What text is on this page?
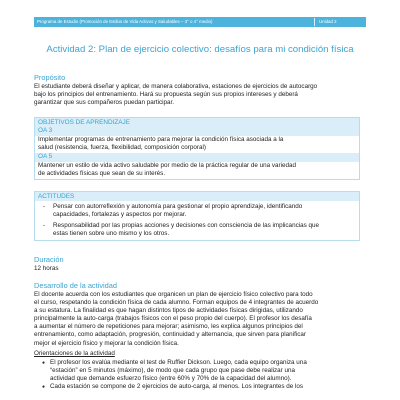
Programa de Estudio (Promoción de Estilos de Vida Activos y Saludables – 3° o 4° medio)	Unidad 2
Actividad 2: Plan de ejercicio colectivo: desafíos para mi condición física
Propósito
El estudiante deberá diseñar y aplicar, de manera colaborativa, estaciones de ejercicios de autocargo
bajo los principios del entrenamiento. Hará su propuesta según sus propios intereses y deberá
garantizar que sus compañeros puedan participar.
OBJETIVOS DE APRENDIZAJE
OA 3
Implementar programas de entrenamiento para mejorar la condición física asociada a la
salud (resistencia, fuerza, flexibilidad, composición corporal)
OA 5
Mantener un estilo de vida activo saludable por medio de la práctica regular de una variedad
de actividades físicas que sean de su interés.
ACTITUDES
- Pensar con autorreflexión y autonomía para gestionar el propio aprendizaje, identificando
capacidades, fortalezas y aspectos por mejorar.
- Responsabilidad por las propias acciones y decisiones con consciencia de las implicancias que
estas tienen sobre uno mismo y los otros.
Duración
12 horas
Desarrollo de la actividad
El docente acuerda con los estudiantes que organicen un plan de ejercicio físico colectivo para todo
el curso, respetando la condición física de cada alumno. Forman equipos de 4 integrantes de acuerdo
a su estatura. La finalidad es que hagan distintos tipos de actividades físicas dirigidas, utilizando
principalmente la auto-carga (trabajos físicos con el peso propio del cuerpo). El profesor los desafía
a aumentar el número de repeticiones para mejorar; asimismo, les explica algunos principios del
entrenamiento, como adaptación, progresión, continuidad y alternancia, que sirven para planificar
mejor el ejercicio físico y mejorar la condición física.
Orientaciones de la actividad
● El profesor los evalúa mediante el test de Ruffier Dickson. Luego, cada equipo organiza una
“estación” en 5 minutos (máximo), de modo que cada grupo que pase debe realizar una
actividad que demande esfuerzo físico (entre 60% y 70% de la capacidad del alumno).
● Cada estación se compone de 2 ejercicios de auto-carga, al menos. Los integrantes de los
